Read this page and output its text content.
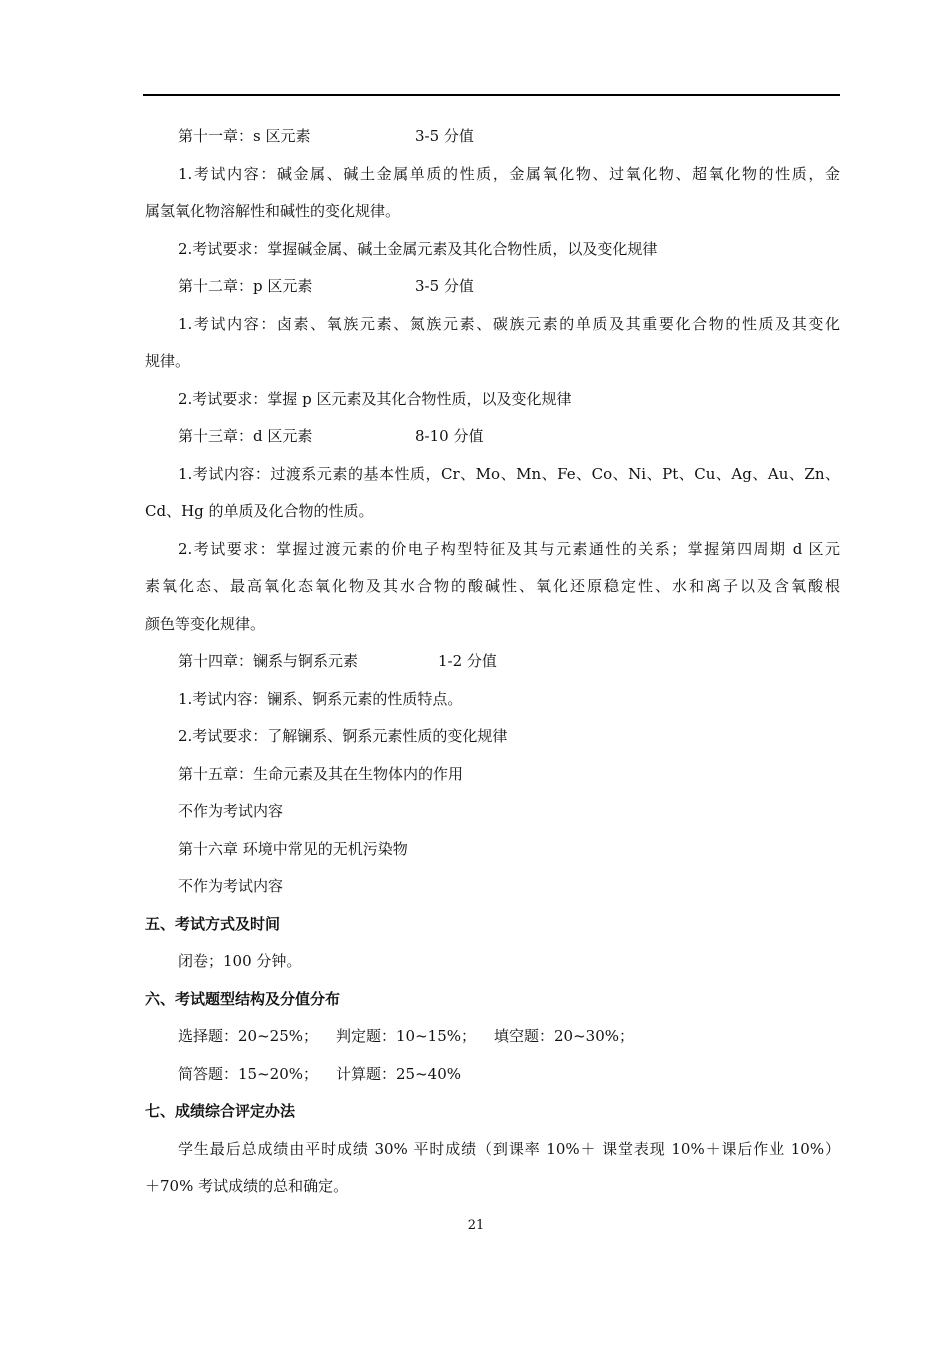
第十一章：s 区元素	3-5 分值
1.考试内容：碱金属、碱土金属单质的性质，金属氧化物、过氧化物、超氧化物的性质，金
属氢氧化物溶解性和碱性的变化规律。
2.考试要求：掌握碱金属、碱土金属元素及其化合物性质，以及变化规律
第十二章：p 区元素	3-5 分值
1.考试内容：卤素、氧族元素、氮族元素、碳族元素的单质及其重要化合物的性质及其变化
规律。
2.考试要求：掌握 p 区元素及其化合物性质，以及变化规律
第十三章：d 区元素	8-10 分值
1.考试内容：过渡系元素的基本性质，Cr、Mo、Mn、Fe、Co、Ni、Pt、Cu、Ag、Au、Zn、
Cd、Hg 的单质及化合物的性质。
2.考试要求：掌握过渡元素的价电子构型特征及其与元素通性的关系；掌握第四周期 d 区元
素氧化态、最高氧化态氧化物及其水合物的酸碱性、氧化还原稳定性、水和离子以及含氧酸根
颜色等变化规律。
第十四章：镧系与锕系元素	1-2 分值
1.考试内容：镧系、锕系元素的性质特点。
2.考试要求：了解镧系、锕系元素性质的变化规律
第十五章：生命元素及其在生物体内的作用
不作为考试内容
第十六章 环境中常见的无机污染物
不作为考试内容
五、考试方式及时间
闭卷；100 分钟。
六、考试题型结构及分值分布
选择题：20~25%； 判定题：10~15%； 填空题：20~30%；
简答题：15~20%； 计算题：25~40%
七、成绩综合评定办法
学生最后总成绩由平时成绩 30% 平时成绩（到课率 10%＋ 课堂表现 10%＋课后作业 10%）
＋70% 考试成绩的总和确定。
21
